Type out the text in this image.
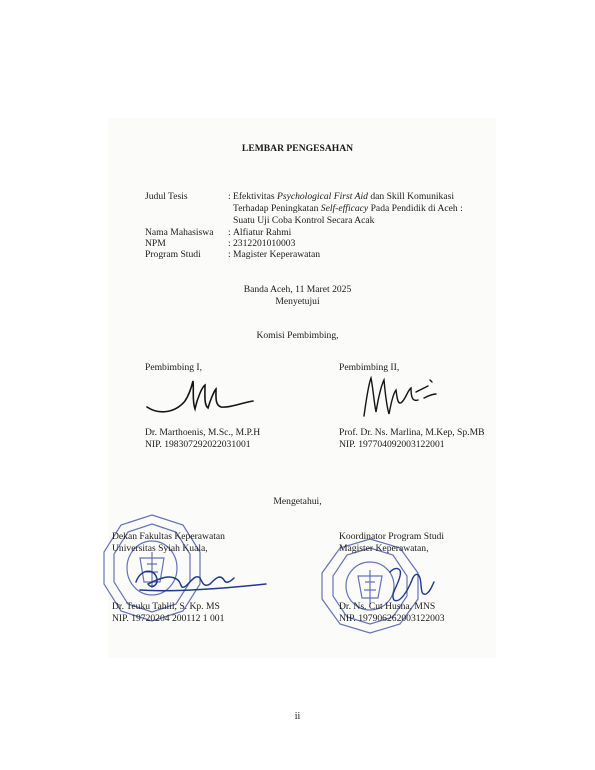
LEMBAR PENGESAHAN
Judul Tesis	: Efektivitas Psychological First Aid dan Skill Komunikasi
Terhadap Peningkatan Self-efficacy Pada Pendidik di Aceh :
Suatu Uji Coba Kontrol Secara Acak
Nama Mahasiswa : Alfiatur Rahmi
NPM	: 2312201010003
Program Studi	: Magister Keperawatan
Banda Aceh, 11 Maret 2025
Menyetujui
Komisi Pembimbing,
Pembimbing I,
Dr. Marthoenis, M.Sc., M.P.H
NIP. 198307292022031001
Pembimbing II,
Prof. Dr. Ns. Marlina, M.Kep, Sp.MB
NIP. 197704092003122001
Mengetahui,
Dekan Fakultas Keperawatan
Universitas Syiah Kuala,
Dr. Teuku Tahlil, S. Kp. MS
NIP. 19720204 200112 1 001
Koordinator Program Studi
Magister Keperawatan,
Dr. Ns. Cut Husna, MNS
NIP. 197906262003122003
ii
